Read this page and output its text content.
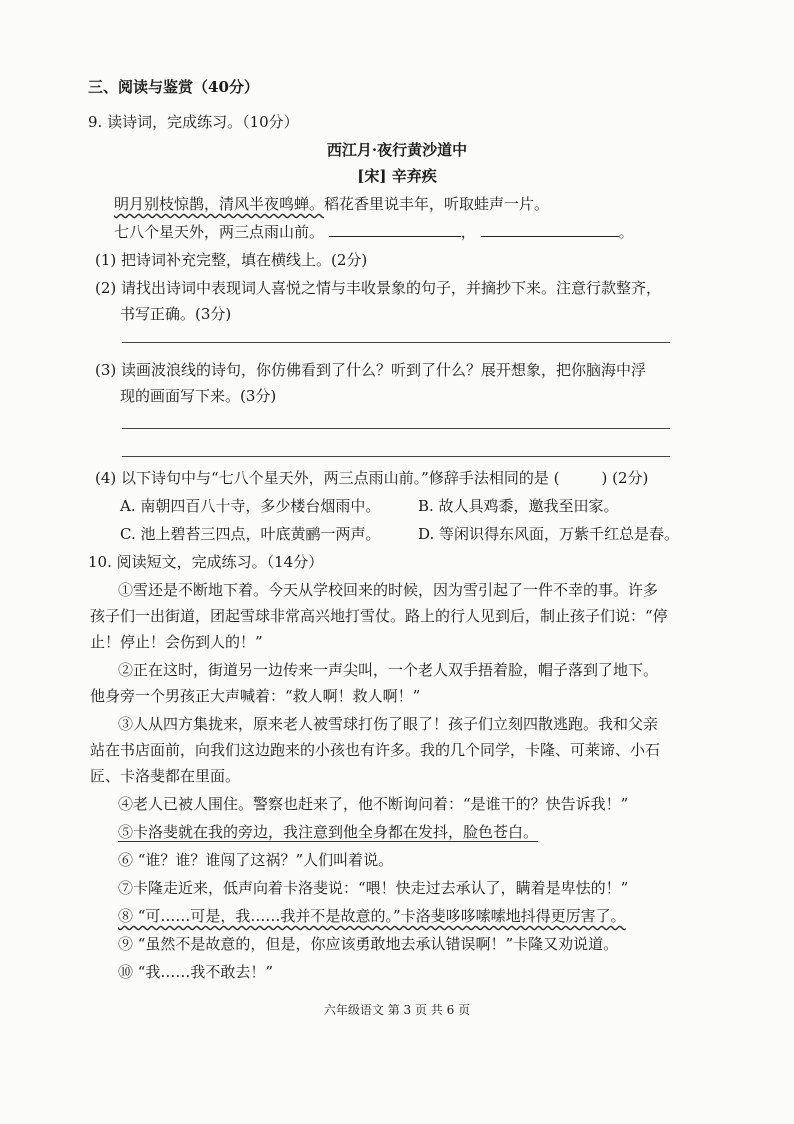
三、阅读与鉴赏（40分）
9. 读诗词，完成练习。（10分）
西江月·夜行黄沙道中
[宋] 辛弃疾
明月别枝惊鹊，清风半夜鸣蝉。稻花香里说丰年，听取蛙声一片。
七八个星天外，两三点雨山前。	，	。
(1) 把诗词补充完整，填在横线上。(2分)
(2) 请找出诗词中表现词人喜悦之情与丰收景象的句子，并摘抄下来。注意行款整齐，
书写正确。(3分)
(3) 读画波浪线的诗句，你仿佛看到了什么？听到了什么？展开想象，把你脑海中浮
现的画面写下来。(3分)
(4) 以下诗句中与“七八个星天外，两三点雨山前。”修辞手法相同的是 (	) (2分)
A. 南朝四百八十寺，多少楼台烟雨中。	B. 故人具鸡黍，邀我至田家。
C. 池上碧苔三四点，叶底黄鹂一两声。	D. 等闲识得东风面，万紫千红总是春。
10. 阅读短文，完成练习。（14分）
①雪还是不断地下着。今天从学校回来的时候，因为雪引起了一件不幸的事。许多
孩子们一出街道，团起雪球非常高兴地打雪仗。路上的行人见到后，制止孩子们说：“停
止！停止！会伤到人的！”
②正在这时，街道另一边传来一声尖叫，一个老人双手捂着脸，帽子落到了地下。
他身旁一个男孩正大声喊着：“救人啊！救人啊！”
③人从四方集拢来，原来老人被雪球打伤了眼了！孩子们立刻四散逃跑。我和父亲
站在书店面前，向我们这边跑来的小孩也有许多。我的几个同学，卡隆、可莱谛、小石
匠、卡洛斐都在里面。
④老人已被人围住。警察也赶来了，他不断询问着：“是谁干的？快告诉我！”
⑤卡洛斐就在我的旁边，我注意到他全身都在发抖，脸色苍白。
⑥ “谁？谁？谁闯了这祸？”人们叫着说。
⑦卡隆走近来，低声向着卡洛斐说：“喂！快走过去承认了，瞒着是卑怯的！”
⑧ “可……可是，我……我并不是故意的。”卡洛斐哆哆嗦嗦地抖得更厉害了。
⑨ “虽然不是故意的，但是，你应该勇敢地去承认错误啊！”卡隆又劝说道。
⑩ “我……我不敢去！”
六年级语文 第 3 页 共 6 页
